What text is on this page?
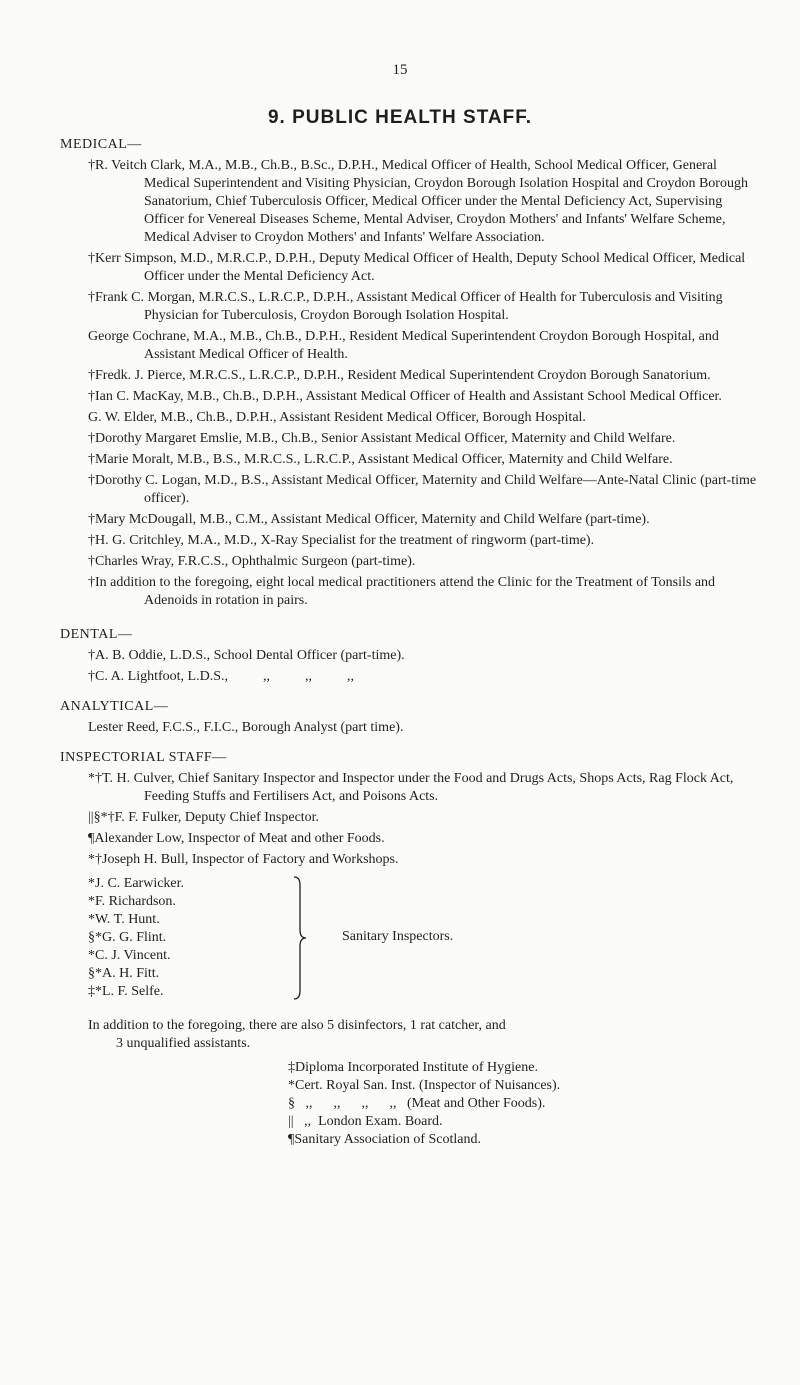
15
9. PUBLIC HEALTH STAFF.
MEDICAL—
†R. Veitch Clark, M.A., M.B., Ch.B., B.Sc., D.P.H., Medical Officer of Health, School Medical Officer, General Medical Superintendent and Visiting Physician, Croydon Borough Isolation Hospital and Croydon Borough Sanatorium, Chief Tuberculosis Officer, Medical Officer under the Mental Deficiency Act, Supervising Officer for Venereal Diseases Scheme, Mental Adviser, Croydon Mothers' and Infants' Welfare Scheme, Medical Adviser to Croydon Mothers' and Infants' Welfare Association.
†Kerr Simpson, M.D., M.R.C.P., D.P.H., Deputy Medical Officer of Health, Deputy School Medical Officer, Medical Officer under the Mental Deficiency Act.
†Frank C. Morgan, M.R.C.S., L.R.C.P., D.P.H., Assistant Medical Officer of Health for Tuberculosis and Visiting Physician for Tuberculosis, Croydon Borough Isolation Hospital.
George Cochrane, M.A., M.B., Ch.B., D.P.H., Resident Medical Superintendent Croydon Borough Hospital, and Assistant Medical Officer of Health.
†Fredk. J. Pierce, M.R.C.S., L.R.C.P., D.P.H., Resident Medical Superintendent Croydon Borough Sanatorium.
†Ian C. MacKay, M.B., Ch.B., D.P.H., Assistant Medical Officer of Health and Assistant School Medical Officer.
G. W. Elder, M.B., Ch.B., D.P.H., Assistant Resident Medical Officer, Borough Hospital.
†Dorothy Margaret Emslie, M.B., Ch.B., Senior Assistant Medical Officer, Maternity and Child Welfare.
†Marie Moralt, M.B., B.S., M.R.C.S., L.R.C.P., Assistant Medical Officer, Maternity and Child Welfare.
†Dorothy C. Logan, M.D., B.S., Assistant Medical Officer, Maternity and Child Welfare—Ante-Natal Clinic (part-time officer).
†Mary McDougall, M.B., C.M., Assistant Medical Officer, Maternity and Child Welfare (part-time).
†H. G. Critchley, M.A., M.D., X-Ray Specialist for the treatment of ringworm (part-time).
†Charles Wray, F.R.C.S., Ophthalmic Surgeon (part-time).
†In addition to the foregoing, eight local medical practitioners attend the Clinic for the Treatment of Tonsils and Adenoids in rotation in pairs.
DENTAL—
†A. B. Oddie, L.D.S., School Dental Officer (part-time).
†C. A. Lightfoot, L.D.S.,          ,,          ,,          ,,
ANALYTICAL—
Lester Reed, F.C.S., F.I.C., Borough Analyst (part time).
INSPECTORIAL STAFF—
*†T. H. Culver, Chief Sanitary Inspector and Inspector under the Food and Drugs Acts, Shops Acts, Rag Flock Act, Feeding Stuffs and Fertilisers Act, and Poisons Acts.
||§*†F. F. Fulker, Deputy Chief Inspector.
¶Alexander Low, Inspector of Meat and other Foods.
*†Joseph H. Bull, Inspector of Factory and Workshops.
*J. C. Earwicker.
*F. Richardson.
*W. T. Hunt.
§*G. G. Flint.
*C. J. Vincent.
§*A. H. Fitt.
‡*L. F. Selfe.
Sanitary Inspectors.
In addition to the foregoing, there are also 5 disinfectors, 1 rat catcher, and
3 unqualified assistants.
‡Diploma Incorporated Institute of Hygiene.
*Cert. Royal San. Inst. (Inspector of Nuisances).
§   ,,      ,,      ,,      ,,   (Meat and Other Foods).
||   ,,  London Exam. Board.
¶Sanitary Association of Scotland.
